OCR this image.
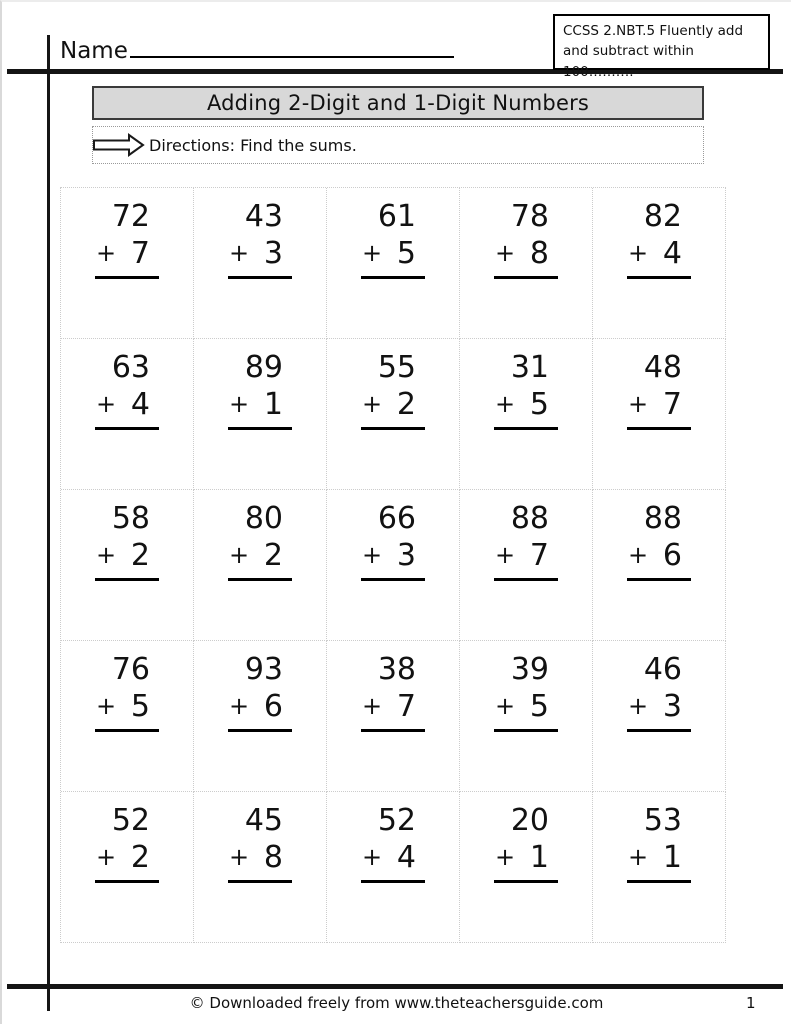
Name
CCSS 2.NBT.5 Fluently add and subtract within 100……….
Adding 2-Digit and 1-Digit Numbers
Directions: Find the sums.
72
+ 7
43
+ 3
61
+ 5
78
+ 8
82
+ 4
63
+ 4
89
+ 1
55
+ 2
31
+ 5
48
+ 7
58
+ 2
80
+ 2
66
+ 3
88
+ 7
88
+ 6
76
+ 5
93
+ 6
38
+ 7
39
+ 5
46
+ 3
52
+ 2
45
+ 8
52
+ 4
20
+ 1
53
+ 1
© Downloaded freely from www.theteachersguide.com	1
